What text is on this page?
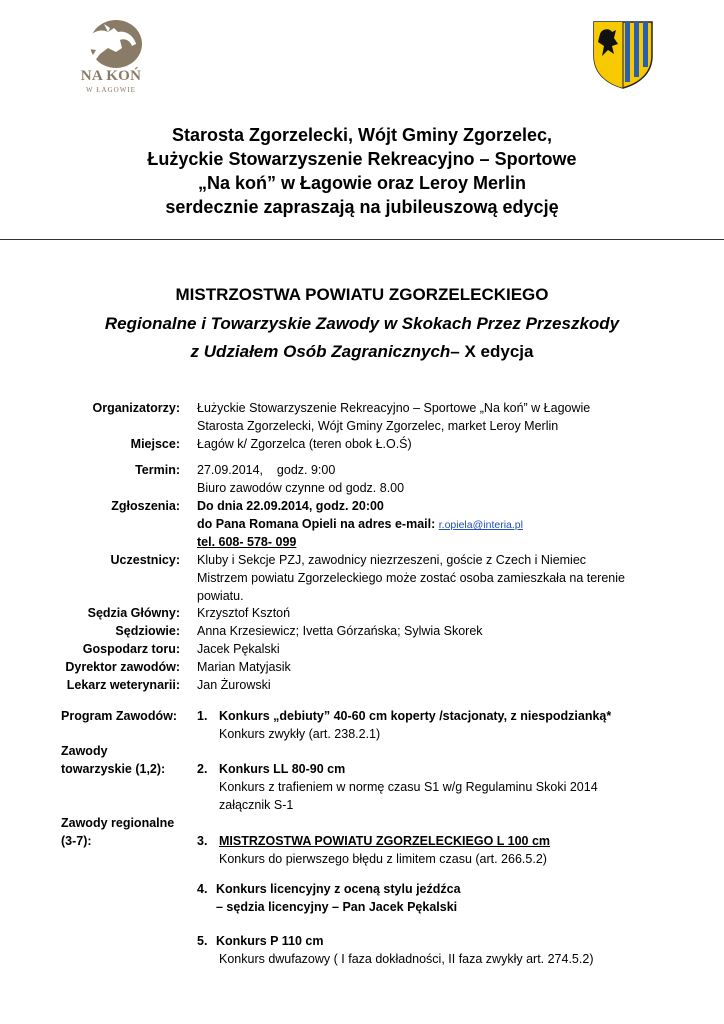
NA KOŃ
W ŁAGOWIE
Starosta Zgorzelecki, Wójt Gminy Zgorzelec,
Łużyckie Stowarzyszenie Rekreacyjno – Sportowe
„Na koń” w Łagowie oraz Leroy Merlin
serdecznie zapraszają na jubileuszową edycję
MISTRZOSTWA POWIATU ZGORZELECKIEGO
Regionalne i Towarzyskie Zawody w Skokach Przez Przeszkody
z Udziałem Osób Zagranicznych– X edycja
Organizatorzy: Łużyckie Stowarzyszenie Rekreacyjno – Sportowe „Na koń” w Łagowie
Starosta Zgorzelecki, Wójt Gminy Zgorzelec, market Leroy Merlin
Miejsce: Łagów k/ Zgorzelca (teren obok Ł.O.Ś)
Termin: 27.09.2014,    godz. 9:00
Biuro zawodów czynne od godz. 8.00
Zgłoszenia: Do dnia 22.09.2014, godz. 20:00
do Pana Romana Opieli na adres e-mail: r.opiela@interia.pl
tel. 608- 578- 099
Uczestnicy: Kluby i Sekcje PZJ, zawodnicy niezrzeszeni, goście z Czech i Niemiec
Mistrzem powiatu Zgorzeleckiego może zostać osoba zamieszkała na terenie
powiatu.
Sędzia Główny: Krzysztof Ksztoń
Sędziowie: Anna Krzesiewicz; Ivetta Górzańska; Sylwia Skorek
Gospodarz toru: Jacek Pękalski
Dyrektor zawodów: Marian Matyjasik
Lekarz weterynarii: Jan Żurowski
Program Zawodów:
Zawody
towarzyskie (1,2):
Zawody regionalne
(3-7):
1. Konkurs „debiuty” 40-60 cm koperty /stacjonaty, z niespodzianką*
Konkurs zwykły (art. 238.2.1)
2. Konkurs LL 80-90 cm
Konkurs z trafieniem w normę czasu S1 w/g Regulaminu Skoki 2014
załącznik S-1
3. MISTRZOSTWA POWIATU ZGORZELECKIEGO L 100 cm
Konkurs do pierwszego błędu z limitem czasu (art. 266.5.2)
4. Konkurs licencyjny z oceną stylu jeźdźca
– sędzia licencyjny – Pan Jacek Pękalski
5. Konkurs P 110 cm
Konkurs dwufazowy ( I faza dokładności, II faza zwykły art. 274.5.2)
